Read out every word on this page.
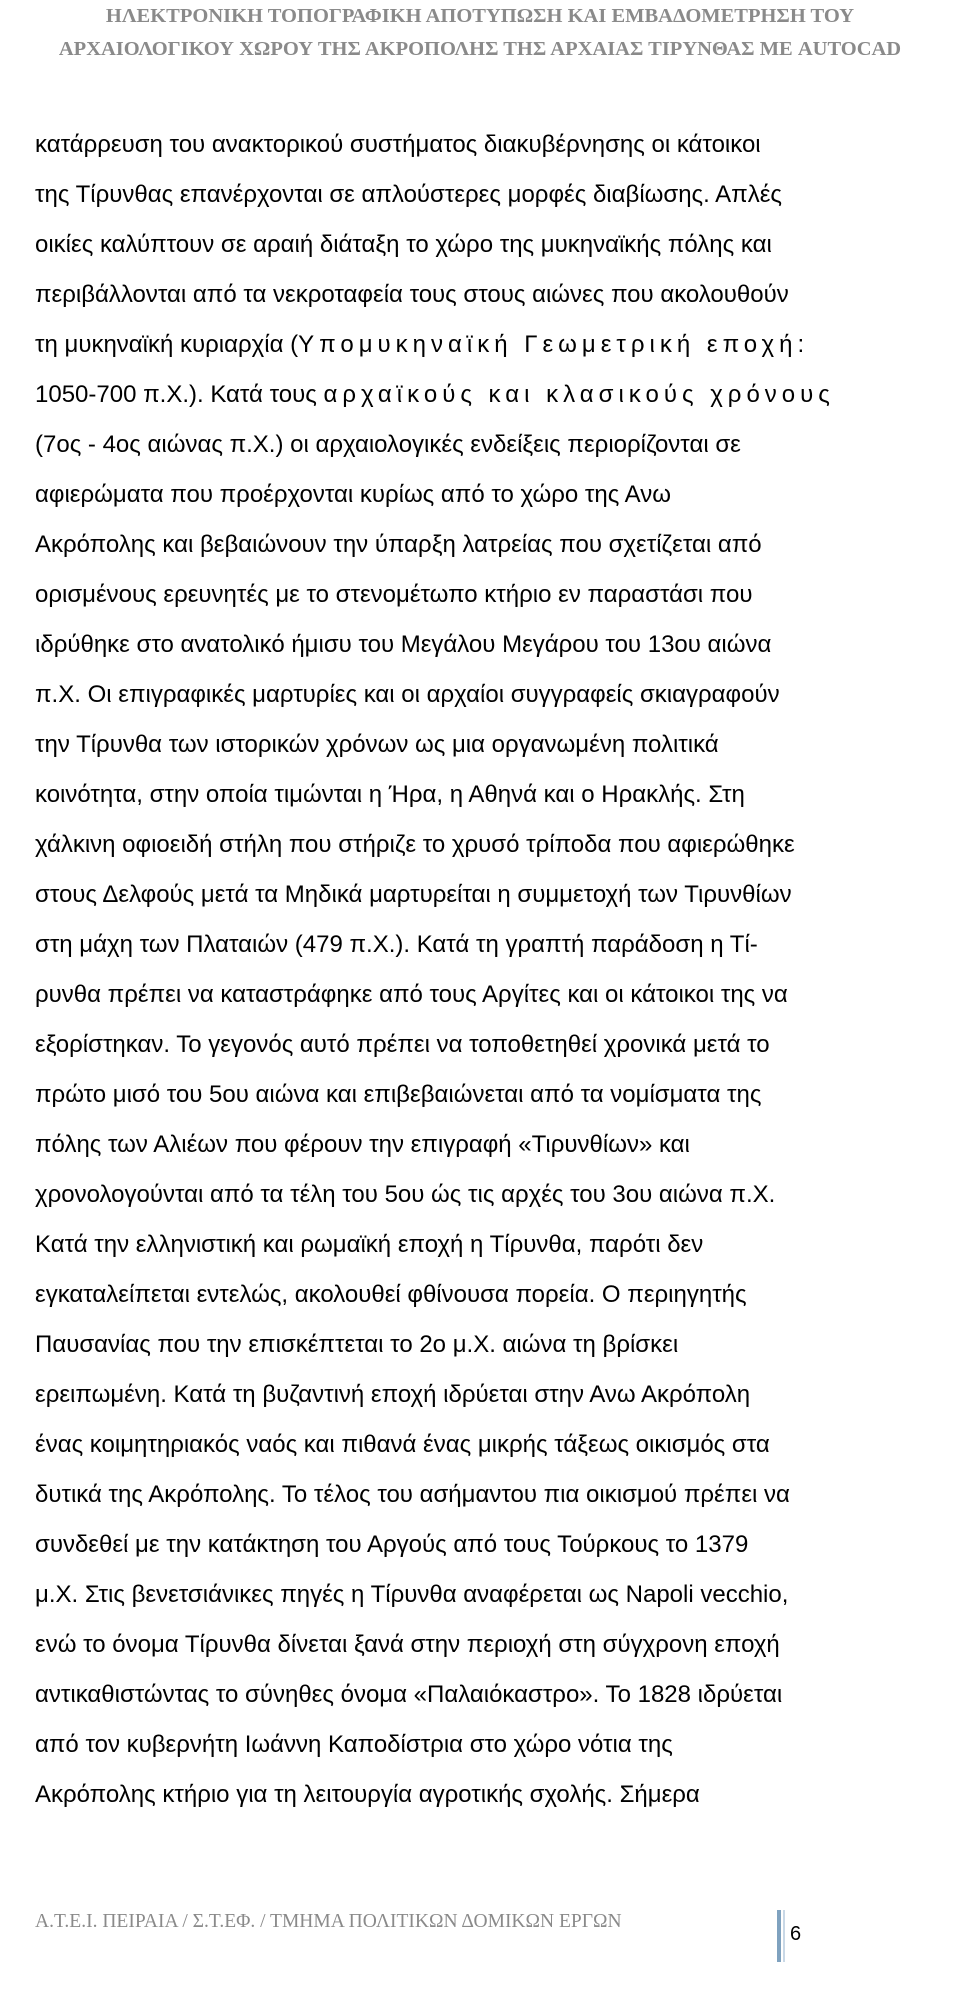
ΗΛΕΚΤΡΟΝΙΚΗ ΤΟΠΟΓΡΑΦΙΚΗ ΑΠΟΤΥΠΩΣΗ ΚΑΙ ΕΜΒΑΔΟΜΕΤΡΗΣΗ ΤΟΥ
ΑΡΧΑΙΟΛΟΓΙΚΟΥ ΧΩΡΟΥ ΤΗΣ ΑΚΡΟΠΟΛΗΣ ΤΗΣ ΑΡΧΑΙΑΣ ΤΙΡΥΝΘΑΣ ΜΕ AUTOCAD
κατάρρευση του ανακτορικού συστήματος διακυβέρνησης οι κάτοικοι
της Τίρυνθας επανέρχονται σε απλούστερες μορφές διαβίωσης. Απλές
οικίες καλύπτουν σε αραιή διάταξη το χώρο της μυκηναϊκής πόλης και
περιβάλλονται από τα νεκροταφεία τους στους αιώνες που ακολουθούν
τη μυκηναϊκή κυριαρχία (Υπομυκηναϊκή Γεωμετρική εποχή:
1050-700 π.Χ.). Κατά τους αρχαϊκούς και κλασικούς χρόνους
(7ος - 4ος αιώνας π.Χ.) οι αρχαιολογικές ενδείξεις περιορίζονται σε
αφιερώματα που προέρχονται κυρίως από το χώρο της Ανω
Ακρόπολης και βεβαιώνουν την ύπαρξη λατρείας που σχετίζεται από
ορισμένους ερευνητές με το στενομέτωπο κτήριο εν παραστάσι που
ιδρύθηκε στο ανατολικό ήμισυ του Μεγάλου Μεγάρου του 13ου αιώνα
π.Χ. Οι επιγραφικές μαρτυρίες και οι αρχαίοι συγγραφείς σκιαγραφούν
την Τίρυνθα των ιστορικών χρόνων ως μια οργανωμένη πολιτικά
κοινότητα, στην οποία τιμώνται η Ήρα, η Αθηνά και ο Ηρακλής. Στη
χάλκινη οφιοειδή στήλη που στήριζε το χρυσό τρίποδα που αφιερώθηκε
στους Δελφούς μετά τα Μηδικά μαρτυρείται η συμμετοχή των Τιρυνθίων
στη μάχη των Πλαταιών (479 π.Χ.). Κατά τη γραπτή παράδοση η Τί-
ρυνθα πρέπει να καταστράφηκε από τους Αργίτες και οι κάτοικοι της να
εξορίστηκαν. Το γεγονός αυτό πρέπει να τοποθετηθεί χρονικά μετά το
πρώτο μισό του 5ου αιώνα και επιβεβαιώνεται από τα νομίσματα της
πόλης των Αλιέων που φέρουν την επιγραφή «Τιρυνθίων» και
χρονολογούνται από τα τέλη του 5ου ώς τις αρχές του 3ου αιώνα π.Χ.
Κατά την ελληνιστική και ρωμαϊκή εποχή η Τίρυνθα, παρότι δεν
εγκαταλείπεται εντελώς, ακολουθεί φθίνουσα πορεία. Ο περιηγητής
Παυσανίας που την επισκέπτεται το 2ο μ.Χ. αιώνα τη βρίσκει
ερειπωμένη. Κατά τη βυζαντινή εποχή ιδρύεται στην Ανω Ακρόπολη
ένας κοιμητηριακός ναός και πιθανά ένας μικρής τάξεως οικισμός στα
δυτικά της Ακρόπολης. Το τέλος του ασήμαντου πια οικισμού πρέπει να
συνδεθεί με την κατάκτηση του Αργούς από τους Τούρκους το 1379
μ.Χ. Στις βενετσιάνικες πηγές η Τίρυνθα αναφέρεται ως Napoli vecchio,
ενώ το όνομα Τίρυνθα δίνεται ξανά στην περιοχή στη σύγχρονη εποχή
αντικαθιστώντας το σύνηθες όνομα «Παλαιόκαστρο». Το 1828 ιδρύεται
από τον κυβερνήτη Ιωάννη Καποδίστρια στο χώρο νότια της
Ακρόπολης κτήριο για τη λειτουργία αγροτικής σχολής. Σήμερα
Α.Τ.Ε.Ι. ΠΕΙΡΑΙΑ / Σ.Τ.ΕΦ. / ΤΜΗΜΑ ΠΟΛΙΤΙΚΩΝ ΔΟΜΙΚΩΝ ΕΡΓΩΝ
6
